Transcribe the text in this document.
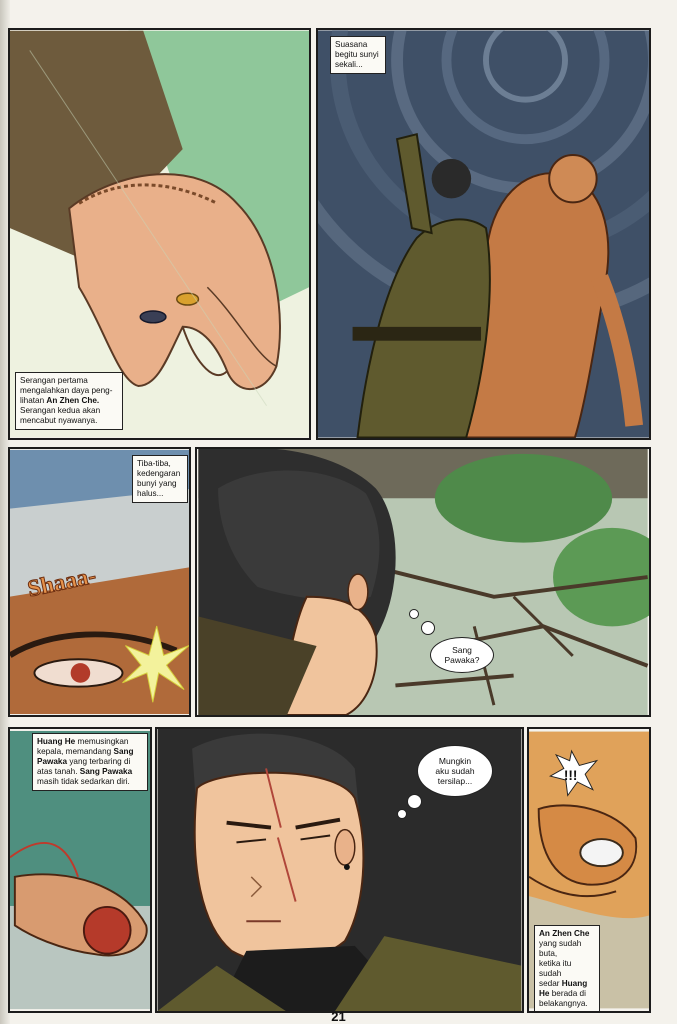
Serangan pertama mengalahkan daya peng-
lihatan An Zhen Che.
Serangan kedua akan
mencabut nyawanya.
Suasana
begitu sunyi
sekali...
Shaaa-
Tiba-tiba,
kedengaran
bunyi yang
halus...
Sang
Pawaka?
Huang He memusingkan
kepala, memandang Sang
Pawaka yang terbaring di
atas tanah. Sang Pawaka
masih tidak sedarkan diri.
Mungkin
aku sudah
tersilap...	!!!
An Zhen Che
yang sudah buta,
ketika itu sudah
sedar Huang
He berada di
belakangnya.
21
